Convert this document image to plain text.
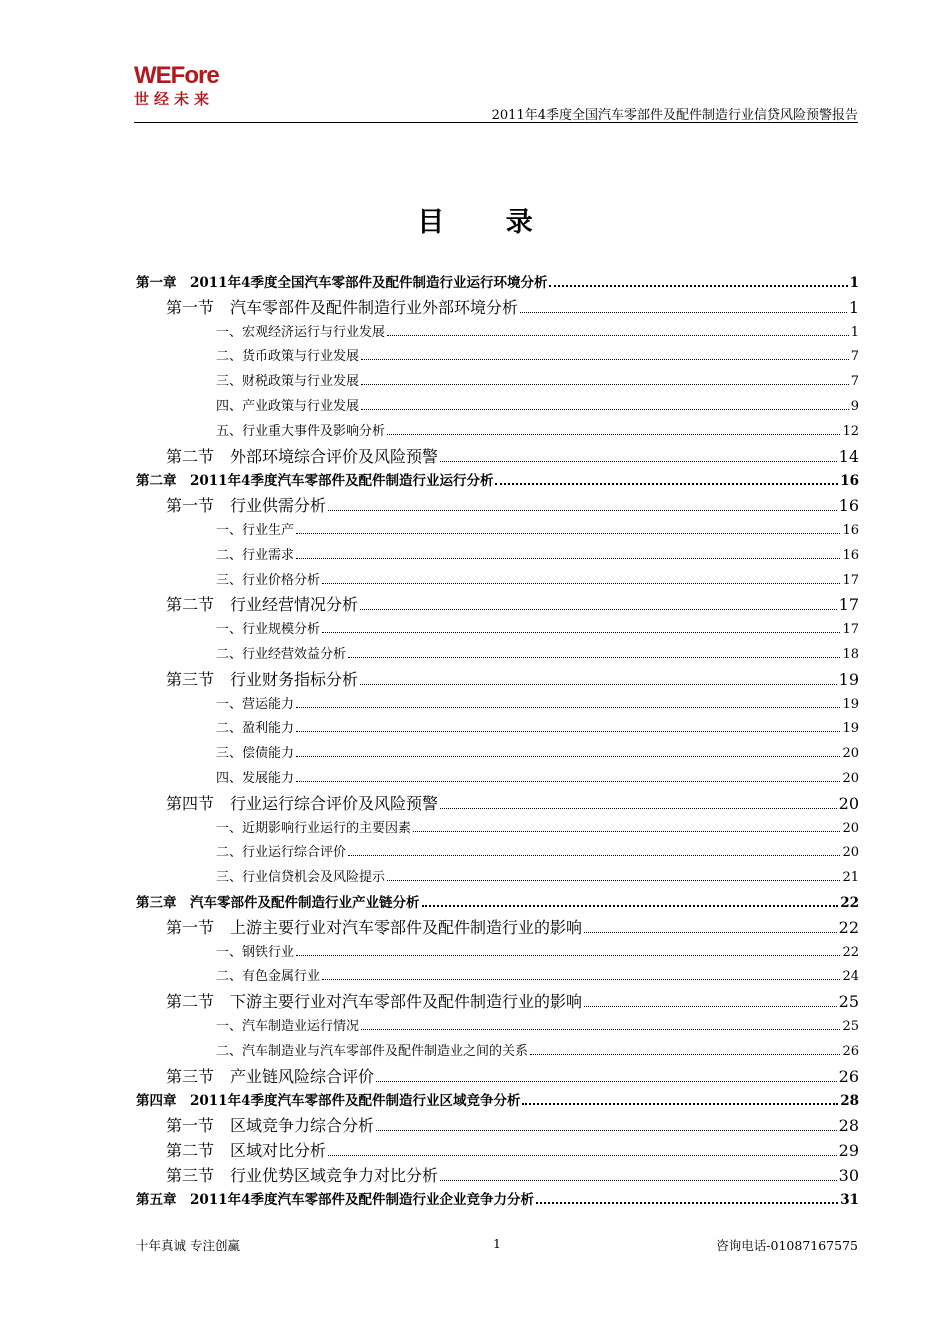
WEFore
世经未来
2011年4季度全国汽车零部件及配件制造行业信贷风险预警报告
目 录
第一章　2011年4季度全国汽车零部件及配件制造行业运行环境分析	1
第一节　汽车零部件及配件制造行业外部环境分析	1
一、宏观经济运行与行业发展	1
二、货币政策与行业发展	7
三、财税政策与行业发展	7
四、产业政策与行业发展	9
五、行业重大事件及影响分析	12
第二节　外部环境综合评价及风险预警	14
第二章　2011年4季度汽车零部件及配件制造行业运行分析	16
第一节　行业供需分析	16
一、行业生产	16
二、行业需求	16
三、行业价格分析	17
第二节　行业经营情况分析	17
一、行业规模分析	17
二、行业经营效益分析	18
第三节　行业财务指标分析	19
一、营运能力	19
二、盈利能力	19
三、偿债能力	20
四、发展能力	20
第四节　行业运行综合评价及风险预警	20
一、近期影响行业运行的主要因素	20
二、行业运行综合评价	20
三、行业信贷机会及风险提示	21
第三章　汽车零部件及配件制造行业产业链分析	22
第一节　上游主要行业对汽车零部件及配件制造行业的影响	22
一、钢铁行业	22
二、有色金属行业	24
第二节　下游主要行业对汽车零部件及配件制造行业的影响	25
一、汽车制造业运行情况	25
二、汽车制造业与汽车零部件及配件制造业之间的关系	26
第三节　产业链风险综合评价	26
第四章　2011年4季度汽车零部件及配件制造行业区域竞争分析	28
第一节　区域竞争力综合分析	28
第二节　区域对比分析	29
第三节　行业优势区域竞争力对比分析	30
第五章　2011年4季度汽车零部件及配件制造行业企业竞争力分析	31
十年真诚 专注创赢	1	咨询电话-01087167575
